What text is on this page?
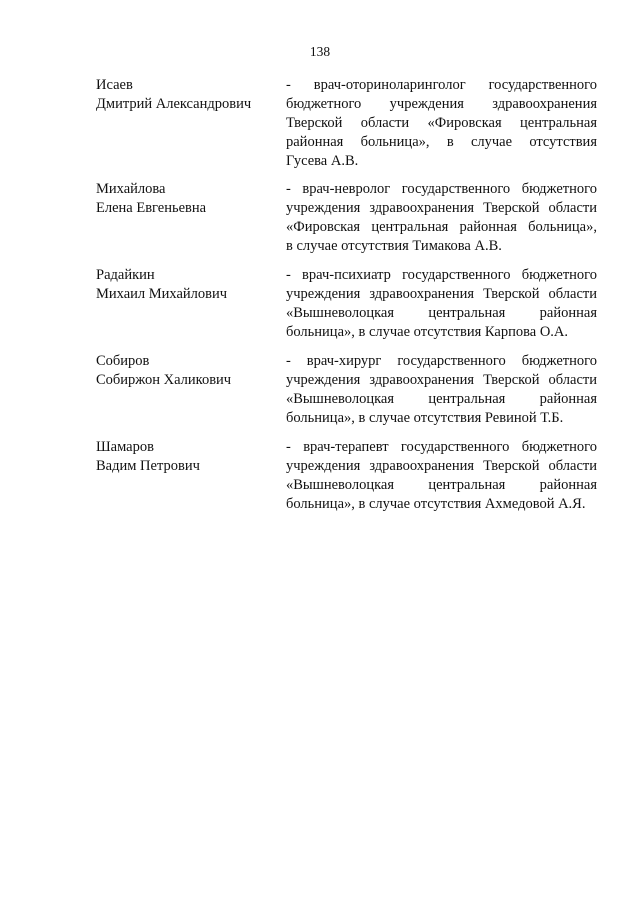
138
Исаев
Дмитрий Александрович
- врач-оториноларинголог государственного
бюджетного учреждения здравоохранения
Тверской области «Фировская центральная
районная больница», в случае отсутствия
Гусева А.В.
Михайлова
Елена Евгеньевна
- врач-невролог государственного бюджетного
учреждения здравоохранения Тверской области
«Фировская центральная районная больница»,
в случае отсутствия Тимакова А.В.
Радайкин
Михаил Михайлович
- врач-психиатр государственного бюджетного
учреждения здравоохранения Тверской области
«Вышневолоцкая центральная районная
больница», в случае отсутствия Карпова О.А.
Собиров
Собиржон Халикович
- врач-хирург государственного бюджетного
учреждения здравоохранения Тверской области
«Вышневолоцкая центральная районная
больница», в случае отсутствия Ревиной Т.Б.
Шамаров
Вадим Петрович
- врач-терапевт государственного бюджетного
учреждения здравоохранения Тверской области
«Вышневолоцкая центральная районная
больница», в случае отсутствия Ахмедовой А.Я.
